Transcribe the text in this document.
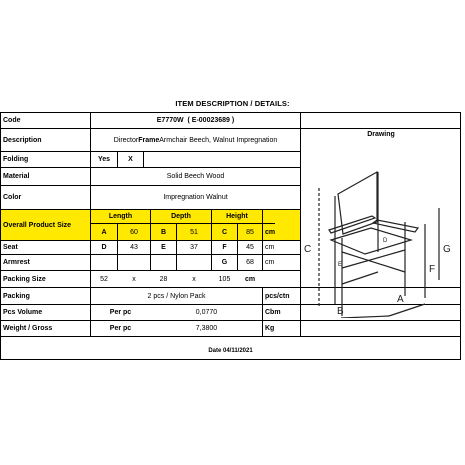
ITEM DESCRIPTION / DETAILS:
Code	E7770W
( E-00023689 )
Description	Director Frame Armchair Beech, Walnut Impregnation
Folding	Yes	X
Material	Solid Beech Wood
Color	Impregnation Walnut
Overall Product Size
Length	Depth	Height
A	60	B	51	C	85	cm
Seat	D	43	E	37	F	45	cm
Armrest	G	68	cm
Packing Size	52	x	28	x	105	cm
Packing	2 pcs / Nylon Pack	pcs/ctn
Pcs Volume	Per pc	0,0770	Cbm
Weight / Gross	Per pc	7,3800	Kg
Date 04/11/2021
Drawing
C
F
G
B
A
D
E
